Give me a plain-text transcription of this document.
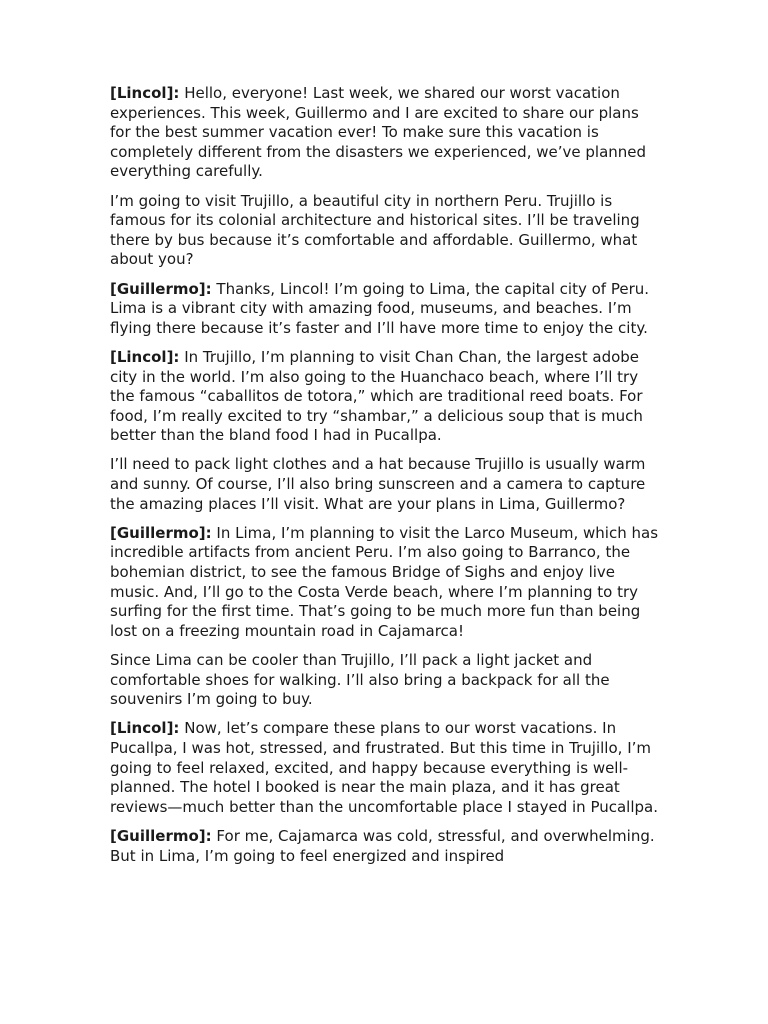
[Lincol]: Hello, everyone! Last week, we shared our worst vacation experiences. This week, Guillermo and I are excited to share our plans for the best summer vacation ever! To make sure this vacation is completely different from the disasters we experienced, we’ve planned everything carefully.

I’m going to visit Trujillo, a beautiful city in northern Peru. Trujillo is famous for its colonial architecture and historical sites. I’ll be traveling there by bus because it’s comfortable and affordable. Guillermo, what about you?

[Guillermo]: Thanks, Lincol! I’m going to Lima, the capital city of Peru. Lima is a vibrant city with amazing food, museums, and beaches. I’m flying there because it’s faster and I’ll have more time to enjoy the city.

[Lincol]: In Trujillo, I’m planning to visit Chan Chan, the largest adobe city in the world. I’m also going to the Huanchaco beach, where I’ll try the famous “caballitos de totora,” which are traditional reed boats. For food, I’m really excited to try “shambar,” a delicious soup that is much better than the bland food I had in Pucallpa.

I’ll need to pack light clothes and a hat because Trujillo is usually warm and sunny. Of course, I’ll also bring sunscreen and a camera to capture the amazing places I’ll visit. What are your plans in Lima, Guillermo?

[Guillermo]: In Lima, I’m planning to visit the Larco Museum, which has incredible artifacts from ancient Peru. I’m also going to Barranco, the bohemian district, to see the famous Bridge of Sighs and enjoy live music. And, I’ll go to the Costa Verde beach, where I’m planning to try surfing for the first time. That’s going to be much more fun than being lost on a freezing mountain road in Cajamarca!

Since Lima can be cooler than Trujillo, I’ll pack a light jacket and comfortable shoes for walking. I’ll also bring a backpack for all the souvenirs I’m going to buy.

[Lincol]: Now, let’s compare these plans to our worst vacations. In Pucallpa, I was hot, stressed, and frustrated. But this time in Trujillo, I’m going to feel relaxed, excited, and happy because everything is well-planned. The hotel I booked is near the main plaza, and it has great reviews—much better than the uncomfortable place I stayed in Pucallpa.

[Guillermo]: For me, Cajamarca was cold, stressful, and overwhelming. But in Lima, I’m going to feel energized and inspired
